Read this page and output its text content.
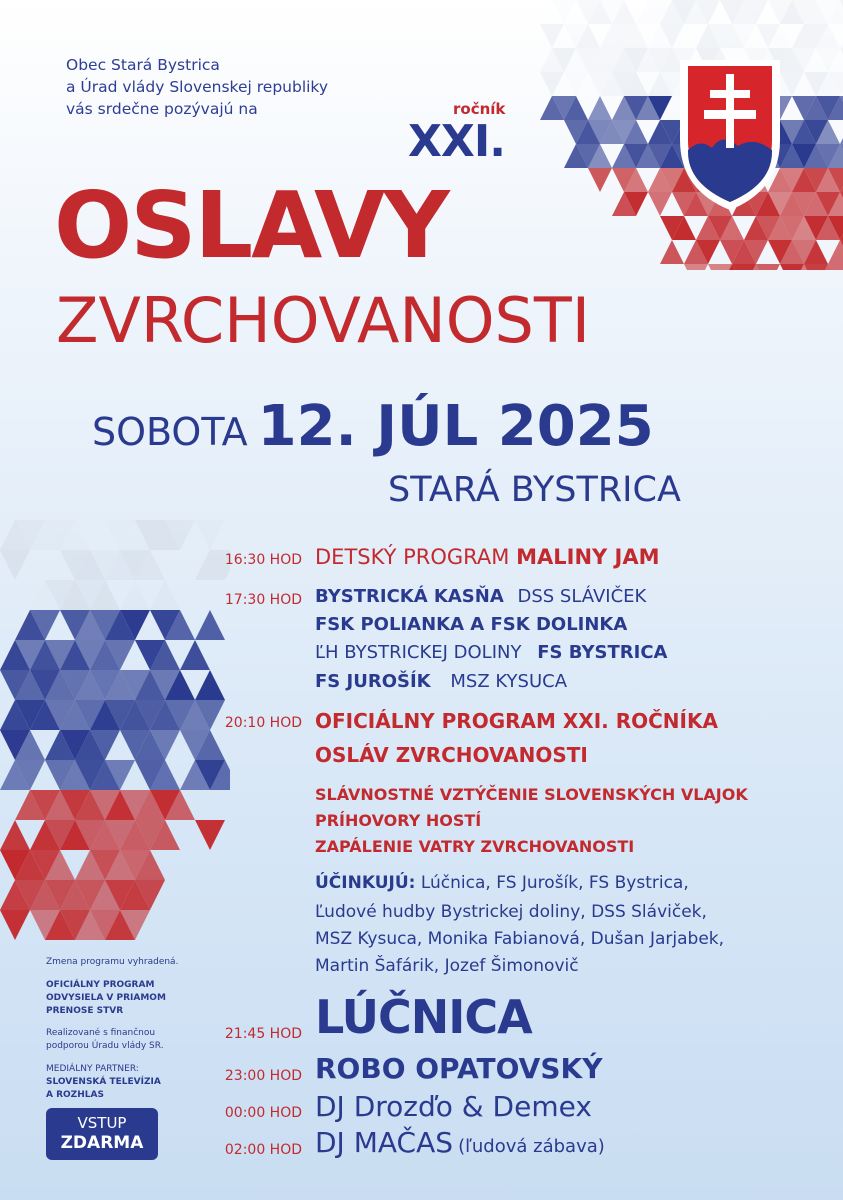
Obec Stará Bystrica
a Úrad vlády Slovenskej republiky
vás srdečne pozývajú na	ročník
XXI.
OSLAVY
ZVRCHOVANOSTI
SOBOTA 12. JÚL 2025
STARÁ BYSTRICA
16:30 HOD DETSKÝ PROGRAM MALINY JAM
17:30 HOD BYSTRICKÁ KASŇA DSS SLÁVIČEK
FSK POLIANKA A FSK DOLINKA
ĽH BYSTRICKEJ DOLINY FS BYSTRICA
FS JUROŠÍK MSZ KYSUCA
20:10 HOD OFICIÁLNY PROGRAM XXI. ROČNÍKA
OSLÁV ZVRCHOVANOSTI
SLÁVNOSTNÉ VZTÝČENIE SLOVENSKÝCH VLAJOK
PRÍHOVORY HOSTÍ
ZAPÁLENIE VATRY ZVRCHOVANOSTI
ÚČINKUJÚ: Lúčnica, FS Jurošík, FS Bystrica,
Ľudové hudby Bystrickej doliny, DSS Sláviček,
MSZ Kysuca, Monika Fabianová, Dušan Jarjabek,
Martin Šafárik, Jozef Šimonovič
21:45 HOD LÚČNICA
23:00 HOD ROBO OPATOVSKÝ
00:00 HOD DJ Drozďo & Demex
02:00 HOD DJ MAČAS (ľudová zábava)
Zmena programu vyhradená.
OFICIÁLNY PROGRAM
ODVYSIELA V PRIAMOM
PRENOSE STVR
Realizované s finančnou
podporou Úradu vlády SR.
MEDIÁLNY PARTNER:
SLOVENSKÁ TELEVÍZIA
A ROZHLAS
VSTUP
ZDARMA
